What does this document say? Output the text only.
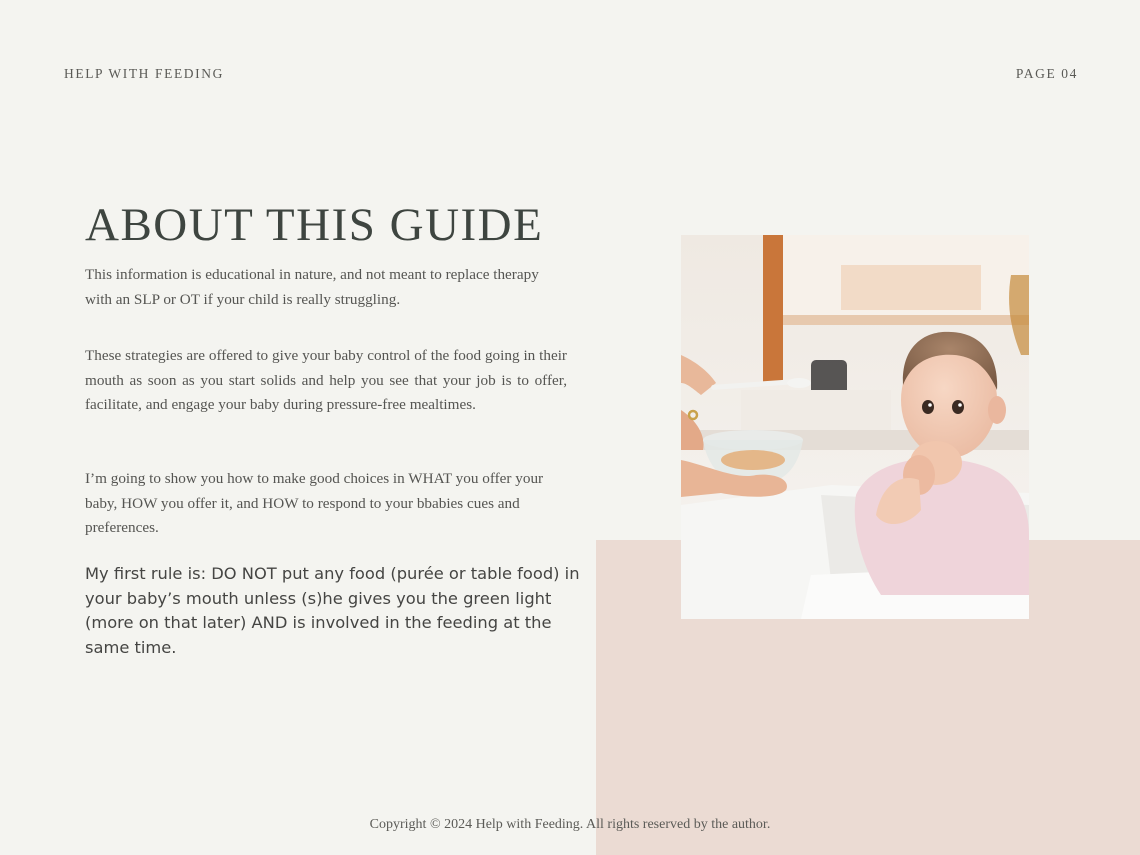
HELP WITH FEEDING	PAGE 04
ABOUT THIS GUIDE

This information is educational in nature, and not meant to replace therapy with an SLP or OT if your child is really struggling.

These strategies are offered to give your baby control of the food going in their mouth as soon as you start solids and help you see that your job is to offer, facilitate, and engage your baby during pressure-free mealtimes.

I’m going to show you how to make good choices in WHAT you offer your baby, HOW you offer it, and HOW to respond to your bbabies cues and preferences.

My first rule is: DO NOT put any food (purée or table food) in your baby’s mouth unless (s)he gives you the green light (more on that later) AND is involved in the feeding at the same time.

Copyright © 2024 Help with Feeding. All rights reserved by the author.
